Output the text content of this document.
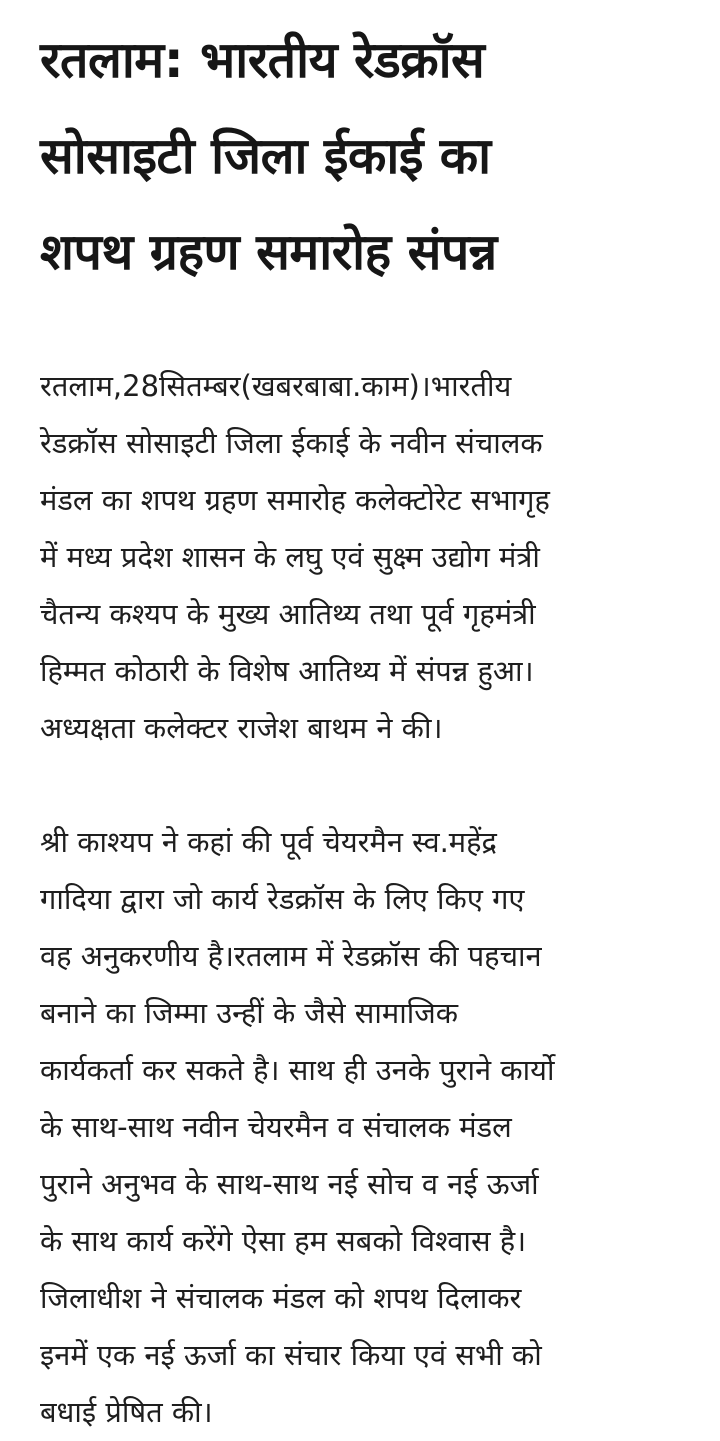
रतलाम: भारतीय रेडक्रॉस
सोसाइटी जिला ईकाई का
शपथ ग्रहण समारोह संपन्न

रतलाम,28सितम्बर(खबरबाबा.काम)।भारतीय
रेडक्रॉस सोसाइटी जिला ईकाई के नवीन संचालक
मंडल का शपथ ग्रहण समारोह कलेक्टोरेट सभागृह
में मध्य प्रदेश शासन के लघु एवं सुक्ष्म उद्योग मंत्री
चैतन्य कश्यप के मुख्य आतिथ्य तथा पूर्व गृहमंत्री
हिम्मत कोठारी के विशेष आतिथ्य में संपन्न हुआ।
अध्यक्षता कलेक्टर राजेश बाथम ने की।

श्री काश्यप ने कहां की पूर्व चेयरमैन स्व.महेंद्र
गादिया द्वारा जो कार्य रेडक्रॉस के लिए किए गए
वह अनुकरणीय है।रतलाम में रेडक्रॉस की पहचान
बनाने का जिम्मा उन्हीं के जैसे सामाजिक
कार्यकर्ता कर सकते है। साथ ही उनके पुराने कार्यो
के साथ-साथ नवीन चेयरमैन व संचालक मंडल
पुराने अनुभव के साथ-साथ नई सोच व नई ऊर्जा
के साथ कार्य करेंगे ऐसा हम सबको विश्वास है।
जिलाधीश ने संचालक मंडल को शपथ दिलाकर
इनमें एक नई ऊर्जा का संचार किया एवं सभी को
बधाई प्रेषित की।
